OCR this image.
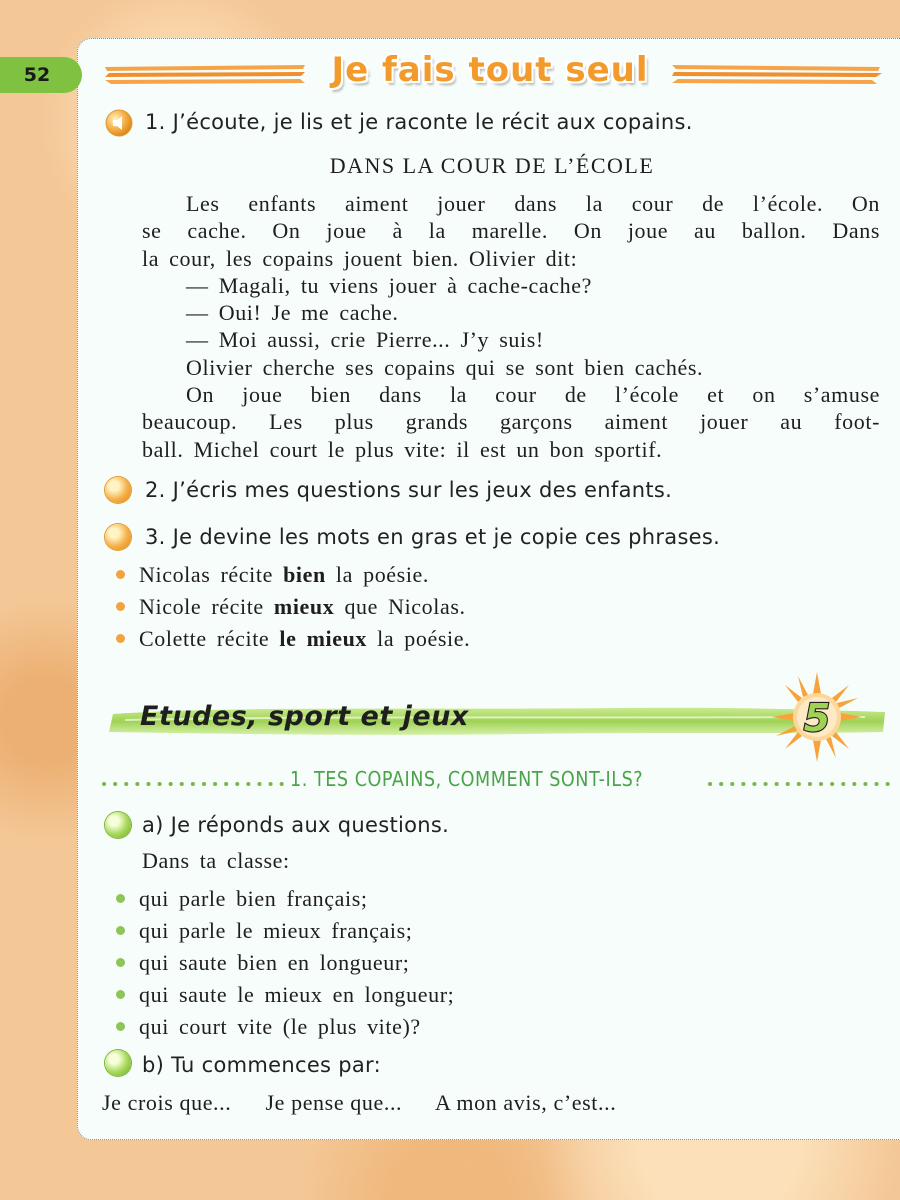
52	Je fais tout seul
1. J’écoute, je lis et je raconte le récit aux copains.
DANS LA COUR DE L’ÉCOLE

Les enfants aiment jouer dans la cour de l’école. On

se cache. On joue à la marelle. On joue au ballon. Dans

la cour, les copains jouent bien. Olivier dit:

— Magali, tu viens jouer à cache-cache?

— Oui! Je me cache.

— Moi aussi, crie Pierre... J’y suis!

Olivier cherche ses copains qui se sont bien cachés.

On joue bien dans la cour de l’école et on s’amuse

beaucoup. Les plus grands garçons aiment jouer au foot-

ball. Michel court le plus vite: il est un bon sportif.

2. J’écris mes questions sur les jeux des enfants.
3. Je devine les mots en gras et je copie ces phrases.
Nicolas récite bien la poésie.
Nicole récite mieux que Nicolas.
Colette récite le mieux la poésie.
Etudes, sport et jeux	5
1. TES COPAINS, COMMENT SONT-ILS?
a) Je réponds aux questions.
Dans ta classe:
qui parle bien français;
qui parle le mieux français;
qui saute bien en longueur;
qui saute le mieux en longueur;
qui court vite (le plus vite)?
b) Tu commences par:
Je crois que... Je pense que... A mon avis, c’est...
